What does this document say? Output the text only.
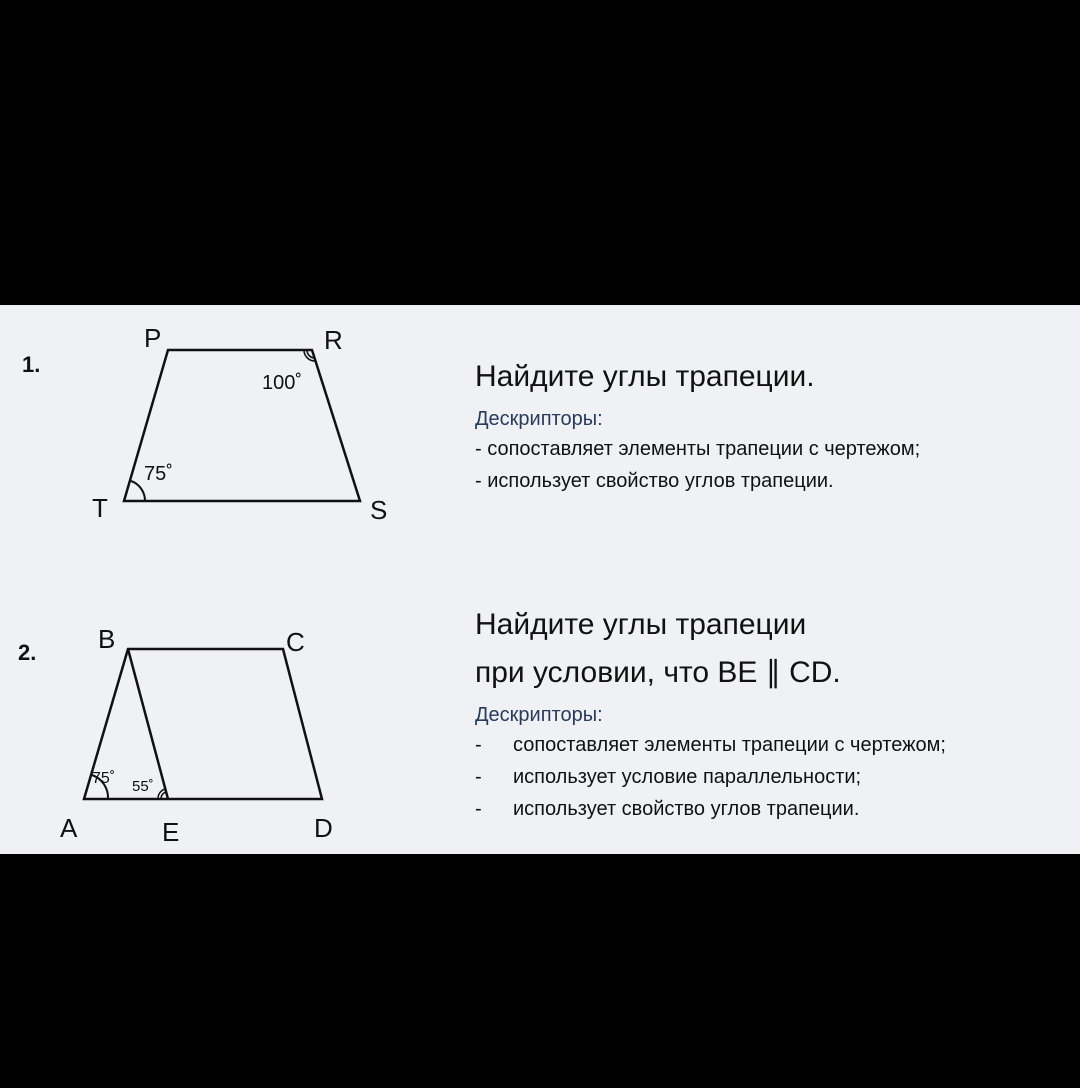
1.
2.
P	R
T	S
100˚
75˚
B	C
A	E	D
75˚ 55˚
Найдите углы трапеции.
Дескрипторы:
- сопоставляет элементы трапеции с чертежом;
- использует свойство углов трапеции.
Найдите углы трапеции
при условии, что BE ∥ CD.
Дескрипторы:
-	сопоставляет элементы трапеции с чертежом;
-	использует условие параллельности;
-	использует свойство углов трапеции.
